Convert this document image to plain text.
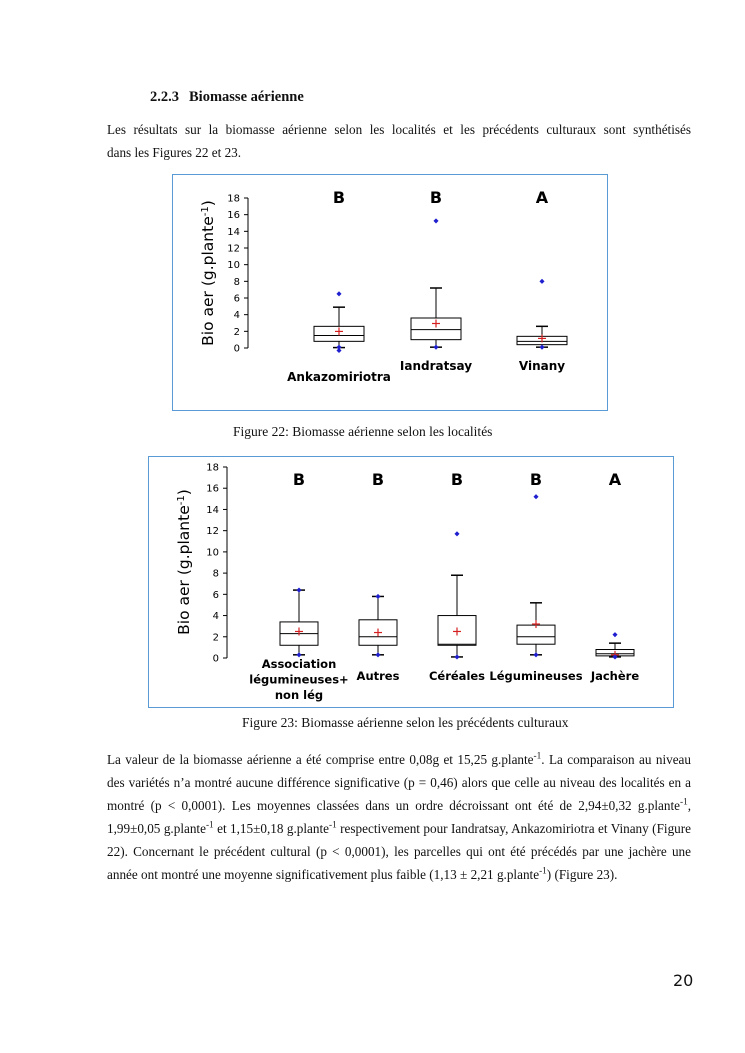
2.2.3 Biomasse aérienne
Les résultats sur la biomasse aérienne selon les localités et les précédents culturaux sont synthétisés
dans les Figures 22 et 23.
0
2
4
6
8
10
12
14
16
18
Bio aer (g.plante$^{-1}$)	B
Ankazomiriotra
B
Iandratsay
A
Vinany
Figure 22: Biomasse aérienne selon les localités
0
2
4
6
8
10
12
14
16
18
Bio aer (g.plante$^{-1}$)
B
Association légumineuses+ non lég
B
Autres
B
Céréales
B
Légumineuses
A
Jachère
Figure 23: Biomasse aérienne selon les précédents culturaux
La valeur de la biomasse aérienne a été comprise entre 0,08g et 15,25 g.plante$^{-1}$. La comparaison au niveau des variétés n’a montré aucune différence significative (p = 0,46) alors que celle au niveau des localités en a montré (p < 0,0001). Les moyennes classées dans un ordre décroissant ont été de 2,94±0,32 g.plante$^{-1}$, 1,99±0,05 g.plante$^{-1}$ et 1,15±0,18 g.plante$^{-1}$ respectivement pour Iandratsay, Ankazomiriotra et Vinany (Figure 22). Concernant le précédent cultural (p < 0,0001), les parcelles qui ont été précédés par une jachère une année ont montré une moyenne significativement plus faible (1,13 ± 2,21 g.plante$^{-1}$) (Figure 23).
20
